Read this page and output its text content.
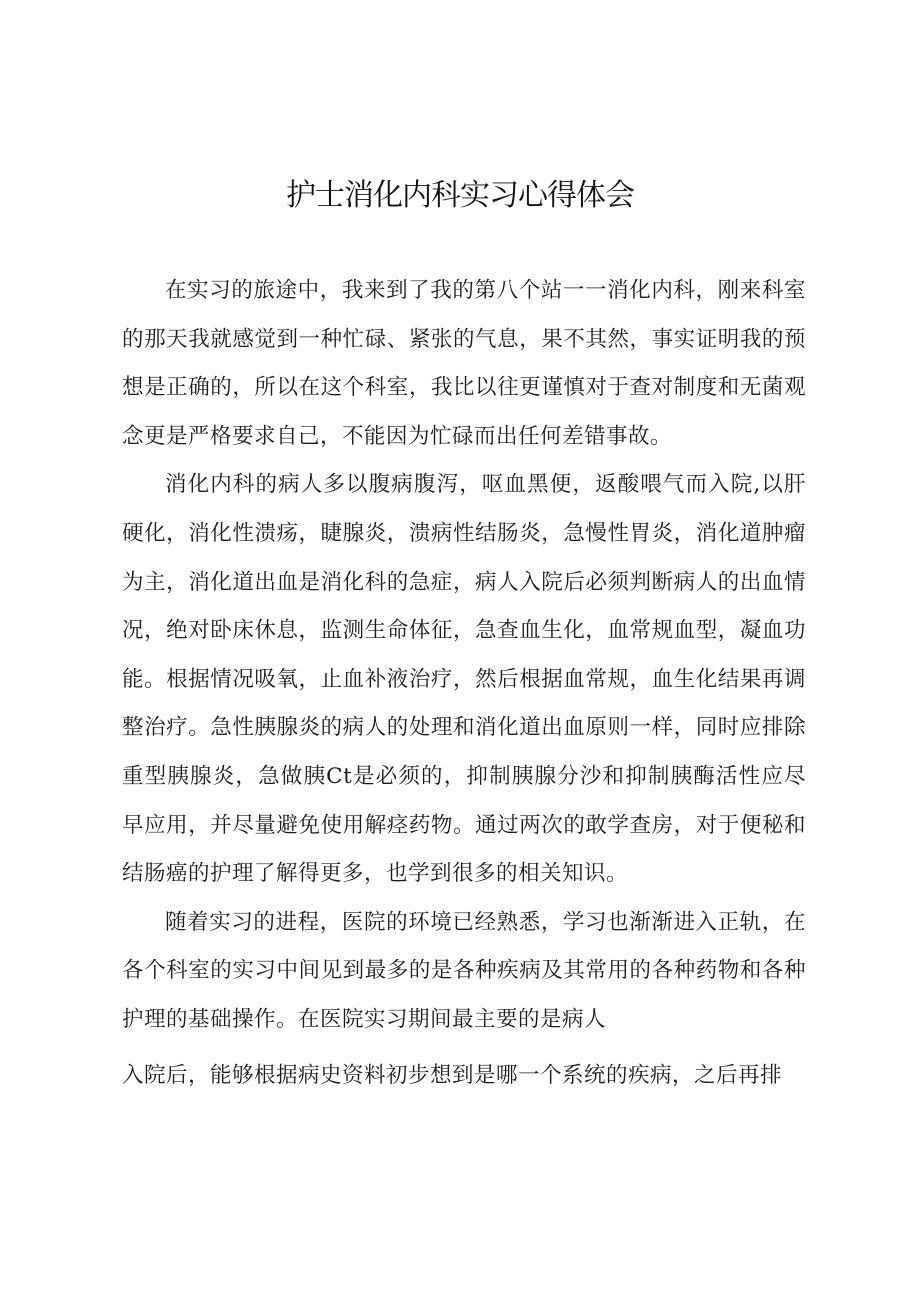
护士消化内科实习心得体会

在实习的旅途中，我来到了我的第八个站一一消化内科，刚来科室的那天我就感觉到一种忙碌、紧张的气息，果不其然，事实证明我的预想是正确的，所以在这个科室，我比以往更谨慎对于查对制度和无菌观念更是严格要求自己，不能因为忙碌而出任何差错事故。

消化内科的病人多以腹病腹泻，呕血黑便，返酸喂气而入院,以肝硬化，消化性溃疡，睫腺炎，溃病性结肠炎，急慢性胃炎，消化道肿瘤为主，消化道出血是消化科的急症，病人入院后必须判断病人的出血情况，绝对卧床休息，监测生命体征，急查血生化，血常规血型，凝血功能。根据情况吸氧，止血补液治疗，然后根据血常规，血生化结果再调整治疗。急性胰腺炎的病人的处理和消化道出血原则一样，同时应排除重型胰腺炎，急做胰Ct是必须的，抑制胰腺分沙和抑制胰酶活性应尽早应用，并尽量避免使用解痉药物。通过两次的敢学查房，对于便秘和结肠癌的护理了解得更多，也学到很多的相关知识。

随着实习的进程，医院的环境已经熟悉，学习也渐渐进入正轨，在各个科室的实习中间见到最多的是各种疾病及其常用的各种药物和各种护理的基础操作。在医院实习期间最主要的是病人

入院后，能够根据病史资料初步想到是哪一个系统的疾病，之后再排
